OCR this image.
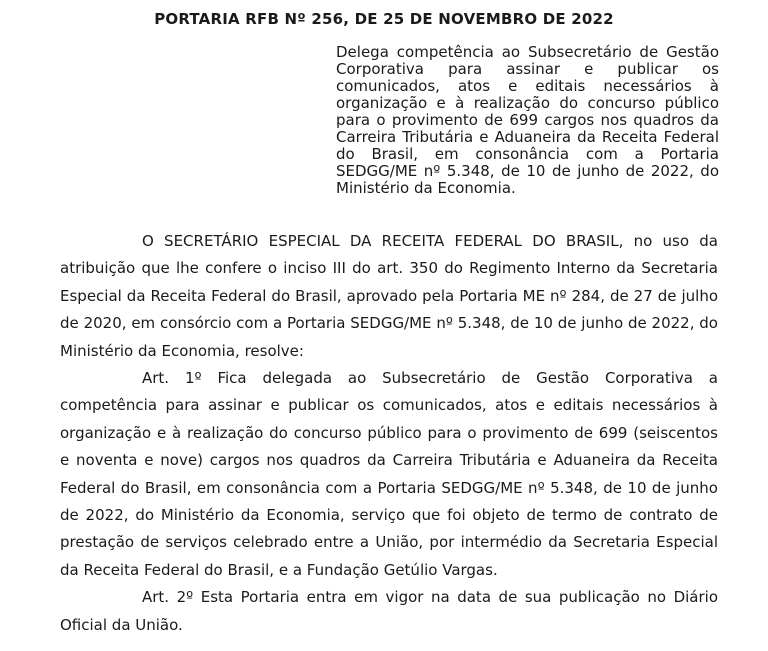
PORTARIA RFB Nº 256, DE 25 DE NOVEMBRO DE 2022
Delega competência ao Subsecretário de Gestão Corporativa para assinar e publicar os comunicados, atos e editais necessários à organização e à realização do concurso público para o provimento de 699 cargos nos quadros da Carreira Tributária e Aduaneira da Receita Federal do Brasil, em consonância com a Portaria SEDGG/ME nº 5.348, de 10 de junho de 2022, do Ministério da Economia.

O SECRETÁRIO ESPECIAL DA RECEITA FEDERAL DO BRASIL, no uso da atribuição que lhe confere o inciso III do art. 350 do Regimento Interno da Secretaria Especial da Receita Federal do Brasil, aprovado pela Portaria ME nº 284, de 27 de julho de 2020, em consórcio com a Portaria SEDGG/ME nº 5.348, de 10 de junho de 2022, do Ministério da Economia, resolve:

Art. 1º Fica delegada ao Subsecretário de Gestão Corporativa a competência para assinar e publicar os comunicados, atos e editais necessários à organização e à realização do concurso público para o provimento de 699 (seiscentos e noventa e nove) cargos nos quadros da Carreira Tributária e Aduaneira da Receita Federal do Brasil, em consonância com a Portaria SEDGG/ME nº 5.348, de 10 de junho de 2022, do Ministério da Economia, serviço que foi objeto de termo de contrato de prestação de serviços celebrado entre a União, por intermédio da Secretaria Especial da Receita Federal do Brasil, e a Fundação Getúlio Vargas.

Art. 2º Esta Portaria entra em vigor na data de sua publicação no Diário Oficial da União.
